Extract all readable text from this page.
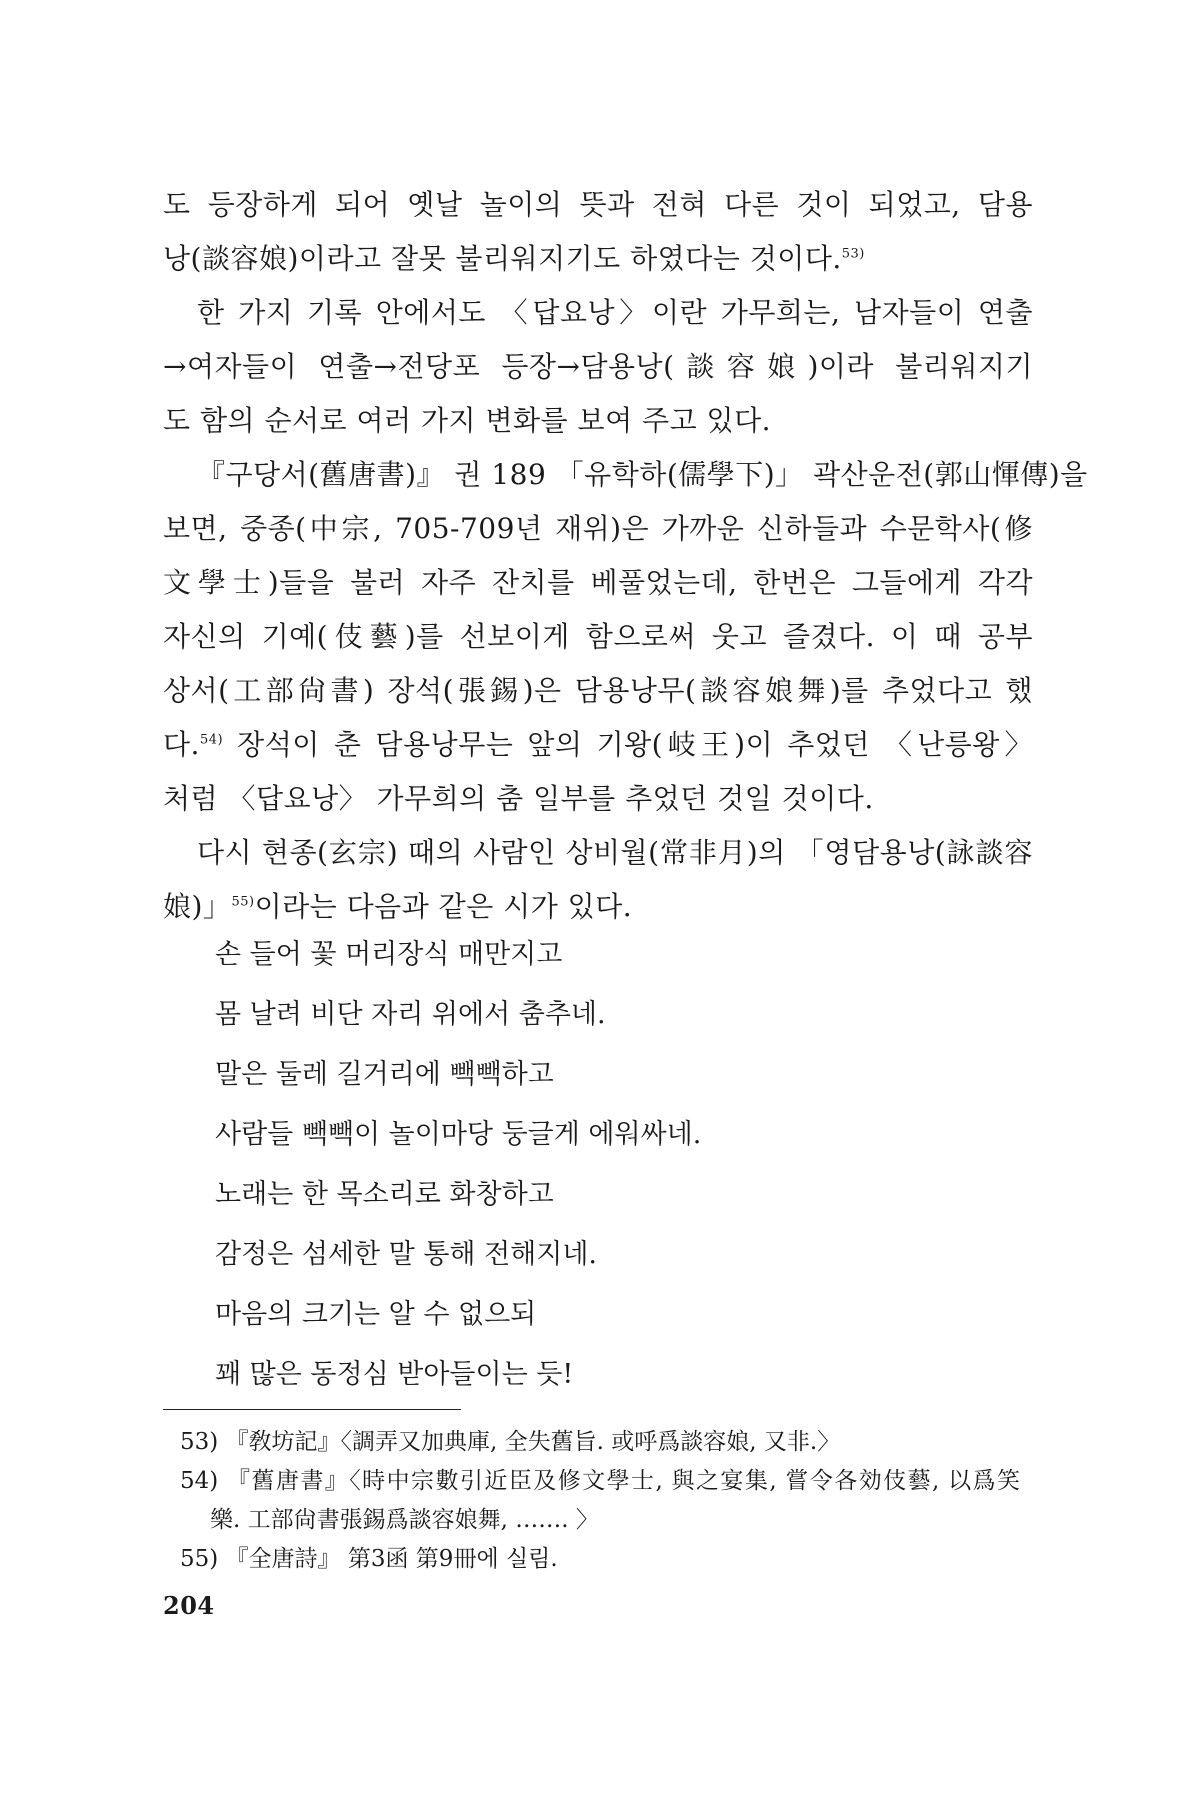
도 등장하게 되어 옛날 놀이의 뜻과 전혀 다른 것이 되었고, 담용
낭(談容娘)이라고 잘못 불리워지기도 하였다는 것이다.$^{53)}$
한 가지 기록 안에서도 〈답요낭〉이란 가무희는, 남자들이 연출
→여자들이 연출→전당포 등장→담용낭(談容娘)이라 불리워지기
도 함의 순서로 여러 가지 변화를 보여 주고 있다.
『구당서(舊唐書)』 권 189 「유학하(儒學下)」 곽산운전(郭山惲傳)을
보면, 중종(中宗, 705-709년 재위)은 가까운 신하들과 수문학사(修
文學士)들을 불러 자주 잔치를 베풀었는데, 한번은 그들에게 각각
자신의 기예(伎藝)를 선보이게 함으로써 웃고 즐겼다. 이 때 공부
상서(工部尙書) 장석(張錫)은 담용낭무(談容娘舞)를 추었다고 했
다.$^{54)}$ 장석이 춘 담용낭무는 앞의 기왕(岐王)이 추었던 〈난릉왕〉
처럼 〈답요낭〉 가무희의 춤 일부를 추었던 것일 것이다.
다시 현종(玄宗) 때의 사람인 상비월(常非月)의 「영담용낭(詠談容
娘)」$^{55)}$이라는 다음과 같은 시가 있다.
손 들어 꽃 머리장식 매만지고
몸 날려 비단 자리 위에서 춤추네.
말은 둘레 길거리에 빽빽하고
사람들 빽빽이 놀이마당 둥글게 에워싸네.
노래는 한 목소리로 화창하고
감정은 섬세한 말 통해 전해지네.
마음의 크기는 알 수 없으되
꽤 많은 동정심 받아들이는 듯!
53) 『敎坊記』〈調弄又加典庫, 全失舊旨. 或呼爲談容娘, 又非.〉
54) 『舊唐書』〈時中宗數引近臣及修文學士, 與之宴集, 嘗令各効伎藝, 以爲笑
樂. 工部尙書張錫爲談容娘舞, ……. 〉
55) 『全唐詩』 第3函 第9冊에 실림.
204
